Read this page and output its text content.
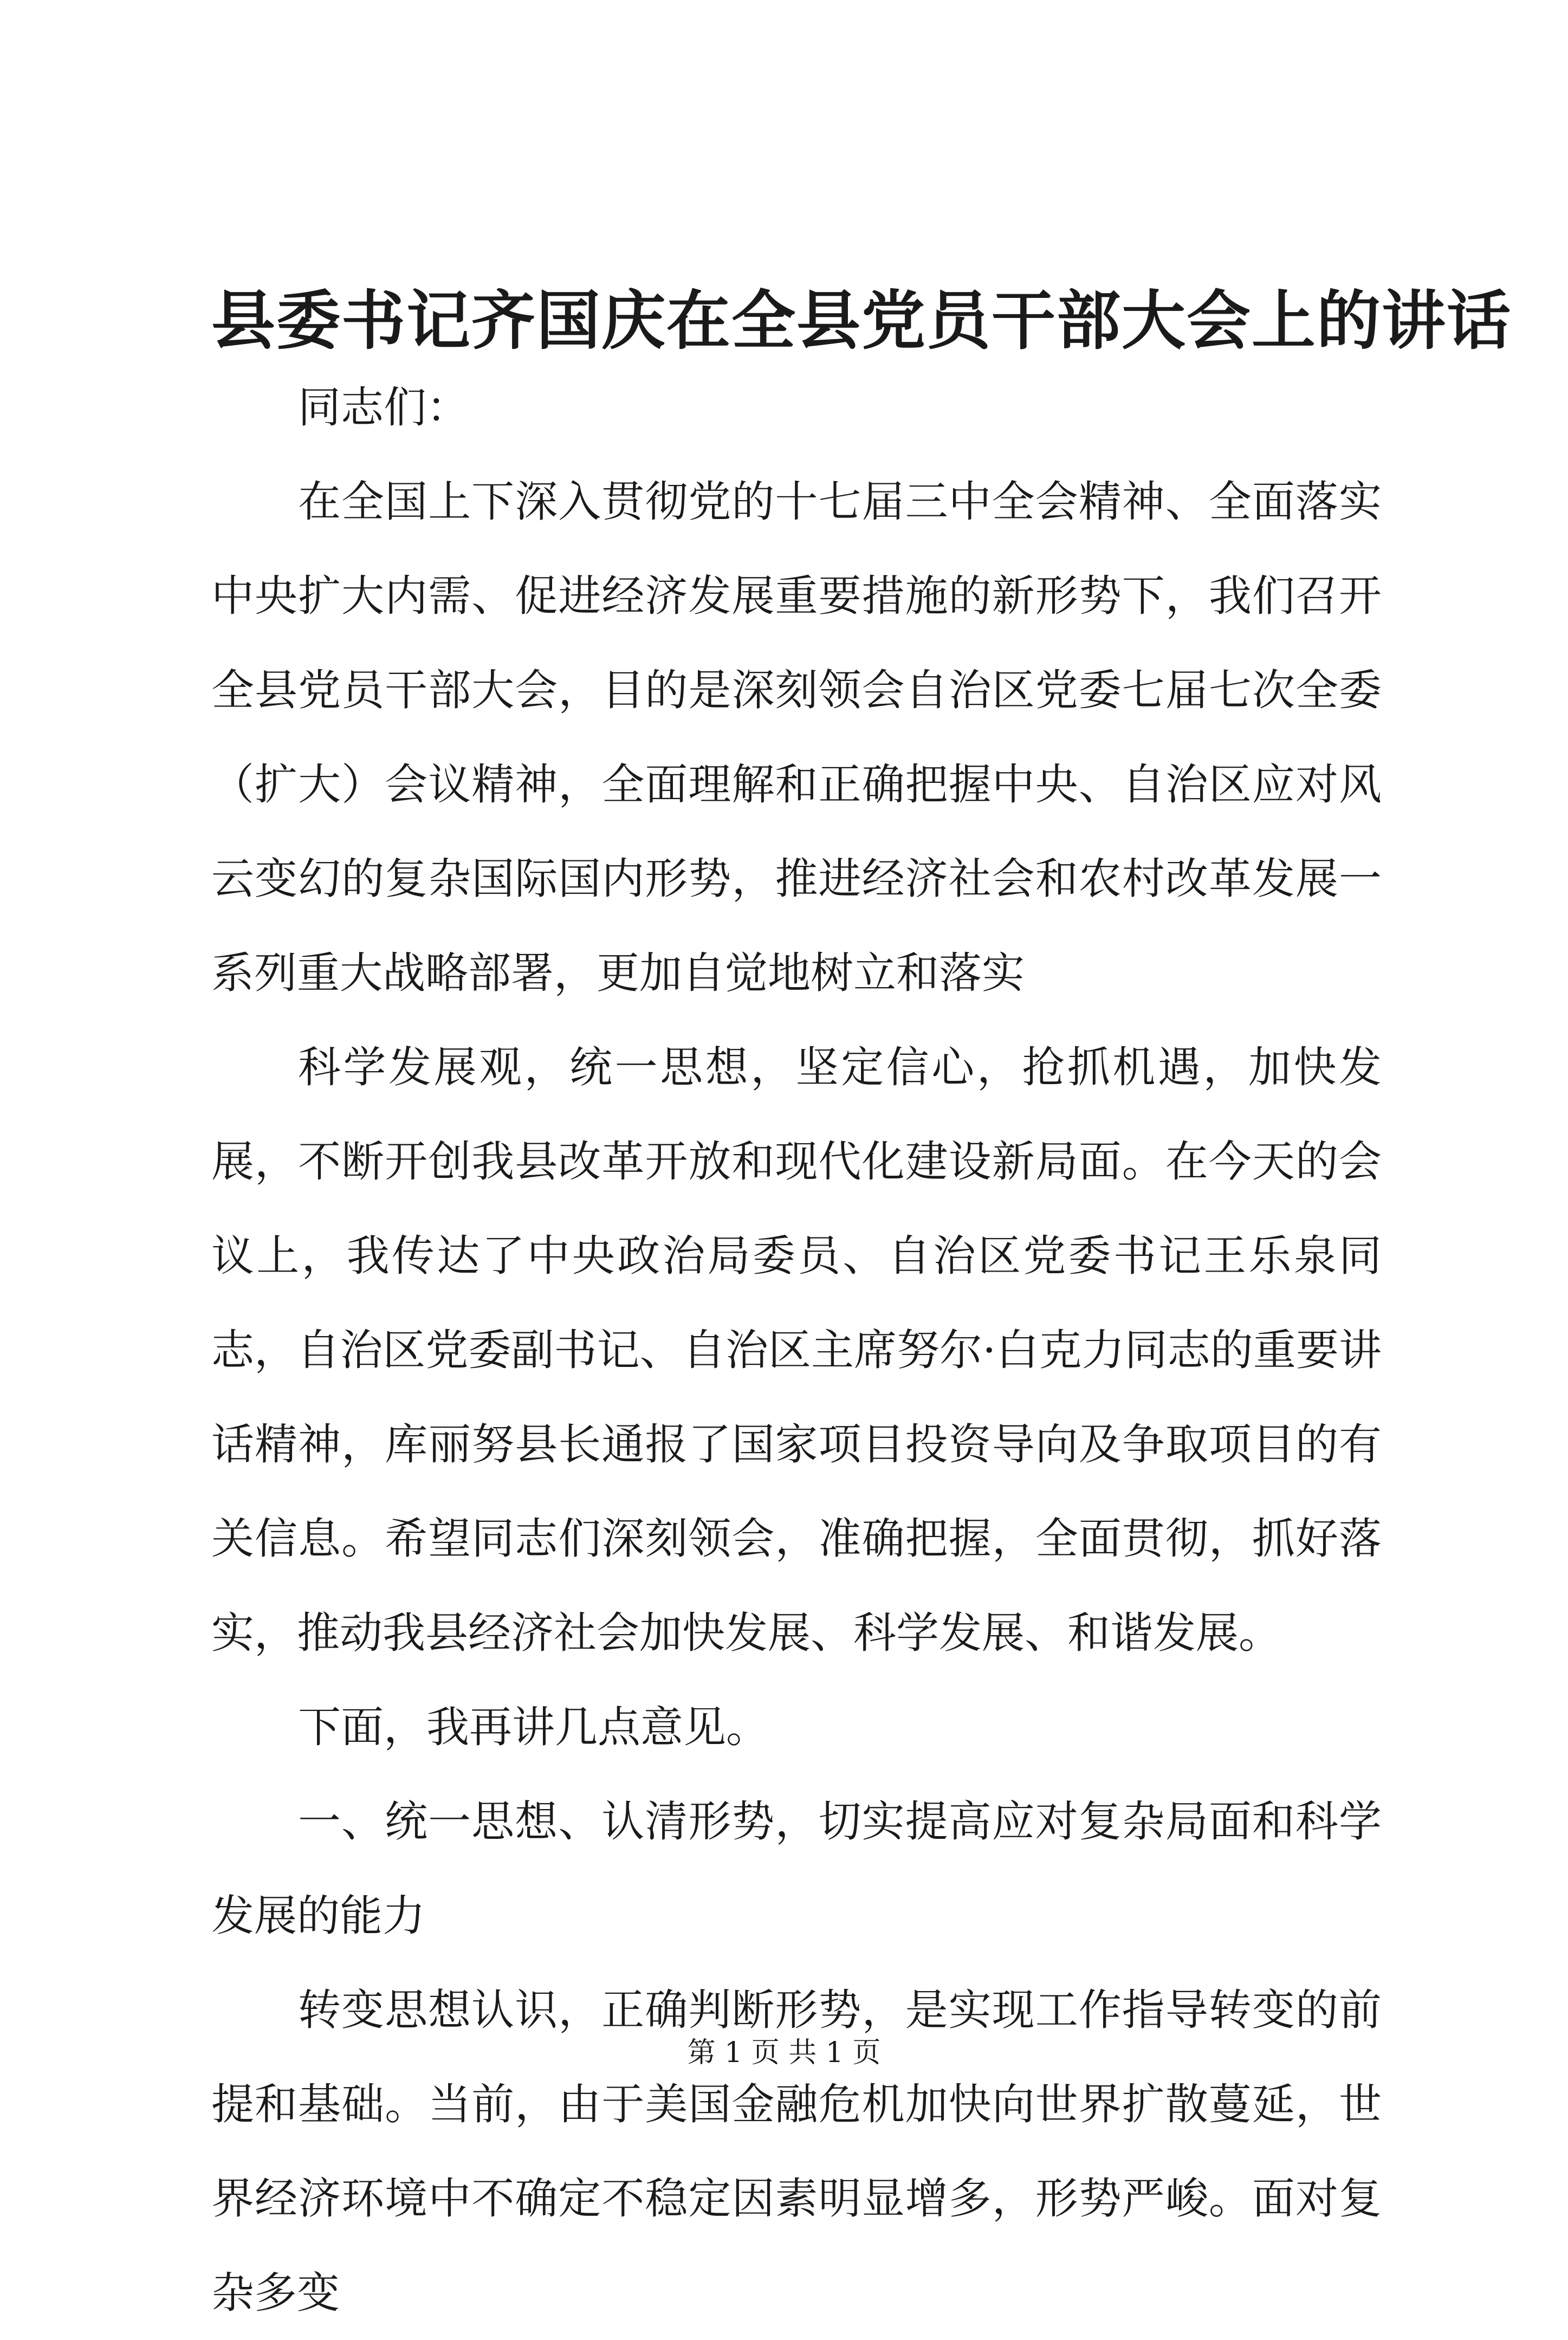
县委书记齐国庆在全县党员干部大会上的讲话

同志们：

在全国上下深入贯彻党的十七届三中全会精神、全面落实中央扩大内需、促进经济发展重要措施的新形势下，我们召开全县党员干部大会，目的是深刻领会自治区党委七届七次全委（扩大）会议精神，全面理解和正确把握中央、自治区应对风云变幻的复杂国际国内形势，推进经济社会和农村改革发展一系列重大战略部署，更加自觉地树立和落实

科学发展观，统一思想，坚定信心，抢抓机遇，加快发展，不断开创我县改革开放和现代化建设新局面。在今天的会议上，我传达了中央政治局委员、自治区党委书记王乐泉同志，自治区党委副书记、自治区主席努尔·白克力同志的重要讲话精神，库丽努县长通报了国家项目投资导向及争取项目的有关信息。希望同志们深刻领会，准确把握，全面贯彻，抓好落实，推动我县经济社会加快发展、科学发展、和谐发展。

下面，我再讲几点意见。

一、统一思想、认清形势，切实提高应对复杂局面和科学发展的能力

转变思想认识，正确判断形势，是实现工作指导转变的前提和基础。当前，由于美国金融危机加快向世界扩散蔓延，世界经济环境中不确定不稳定因素明显增多，形势严峻。面对复杂多变

第 1 页 共 1 页
